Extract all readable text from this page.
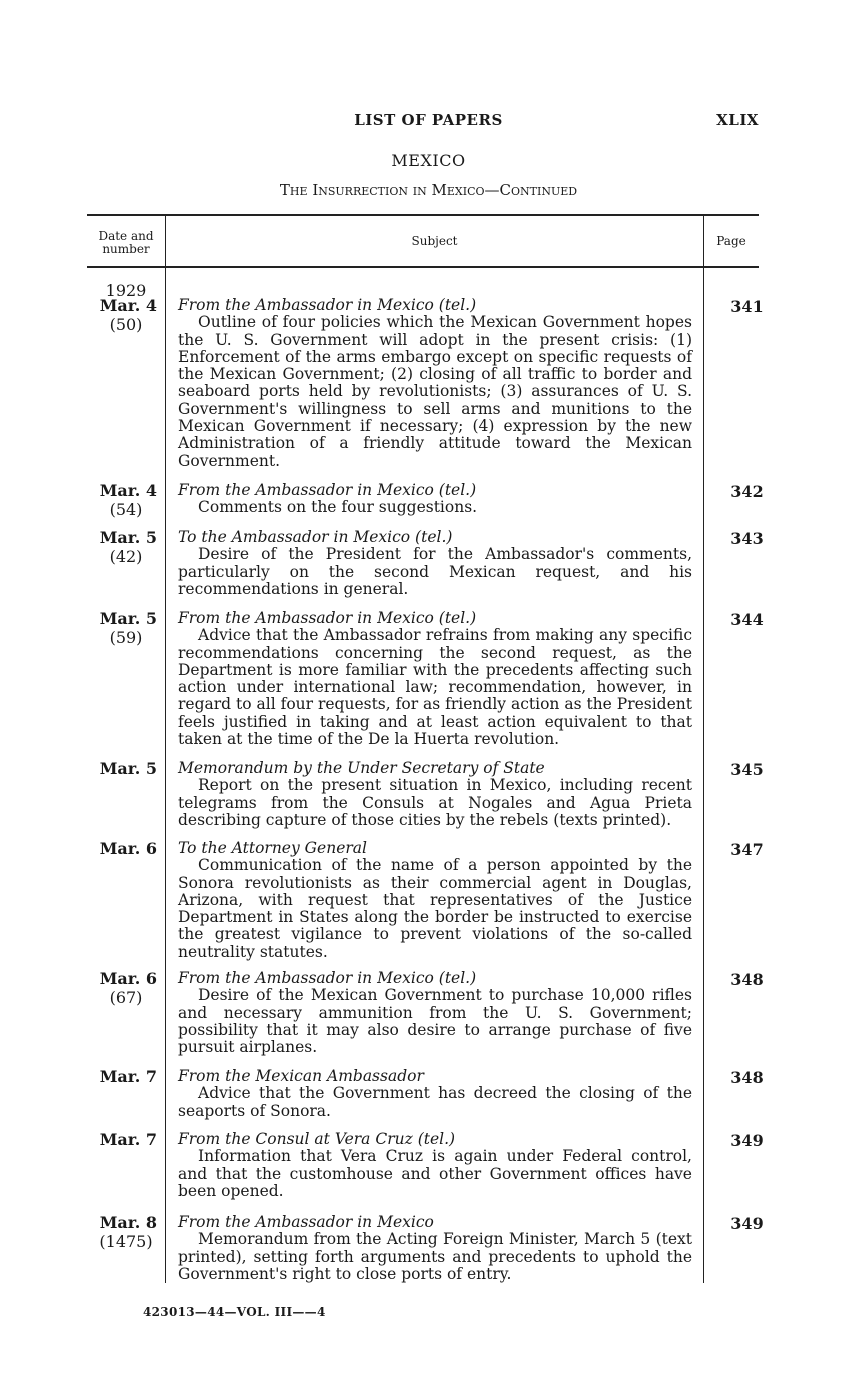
LIST OF PAPERS	XLIX
MEXICO
The Insurrection in Mexico—Continued
Date and number
Subject	Page
1929
Mar. 4
(50)
From the Ambassador in Mexico (tel.)
Outline of four policies which the Mexican Government hopes the U. S. Government will adopt in the present crisis: (1) Enforcement of the arms embargo except on specific requests of the Mexican Government; (2) closing of all traffic to border and seaboard ports held by revolutionists; (3) assurances of U. S. Government's willingness to sell arms and munitions to the Mexican Government if necessary; (4) expression by the new Administration of a friendly attitude toward the Mexican Government.
341
Mar. 4
(54)
From the Ambassador in Mexico (tel.)
Comments on the four suggestions.
342
Mar. 5
(42)
To the Ambassador in Mexico (tel.)
Desire of the President for the Ambassador's comments, particularly on the second Mexican request, and his recommendations in general.
343
Mar. 5
(59)
From the Ambassador in Mexico (tel.)
Advice that the Ambassador refrains from making any specific recommendations concerning the second request, as the Department is more familiar with the precedents affecting such action under international law; recommendation, however, in regard to all four requests, for as friendly action as the President feels justified in taking and at least action equivalent to that taken at the time of the De la Huerta revolution.
344
Mar. 5 Memorandum by the Under Secretary of State
Report on the present situation in Mexico, including recent telegrams from the Consuls at Nogales and Agua Prieta describing capture of those cities by the rebels (texts printed).
345
Mar. 6 To the Attorney General
Communication of the name of a person appointed by the Sonora revolutionists as their commercial agent in Douglas, Arizona, with request that representatives of the Justice Department in States along the border be instructed to exercise the greatest vigilance to prevent violations of the so-called neutrality statutes.
347
Mar. 6
(67)
From the Ambassador in Mexico (tel.)
Desire of the Mexican Government to purchase 10,000 rifles and necessary ammunition from the U. S. Government; possibility that it may also desire to arrange purchase of five pursuit airplanes.
348
Mar. 7 From the Mexican Ambassador
Advice that the Government has decreed the closing of the seaports of Sonora.
348
Mar. 7 From the Consul at Vera Cruz (tel.)
Information that Vera Cruz is again under Federal control, and that the customhouse and other Government offices have been opened.
349
Mar. 8
(1475)
From the Ambassador in Mexico
Memorandum from the Acting Foreign Minister, March 5 (text printed), setting forth arguments and precedents to uphold the Government's right to close ports of entry.
349
423013—44—VOL. III——4
